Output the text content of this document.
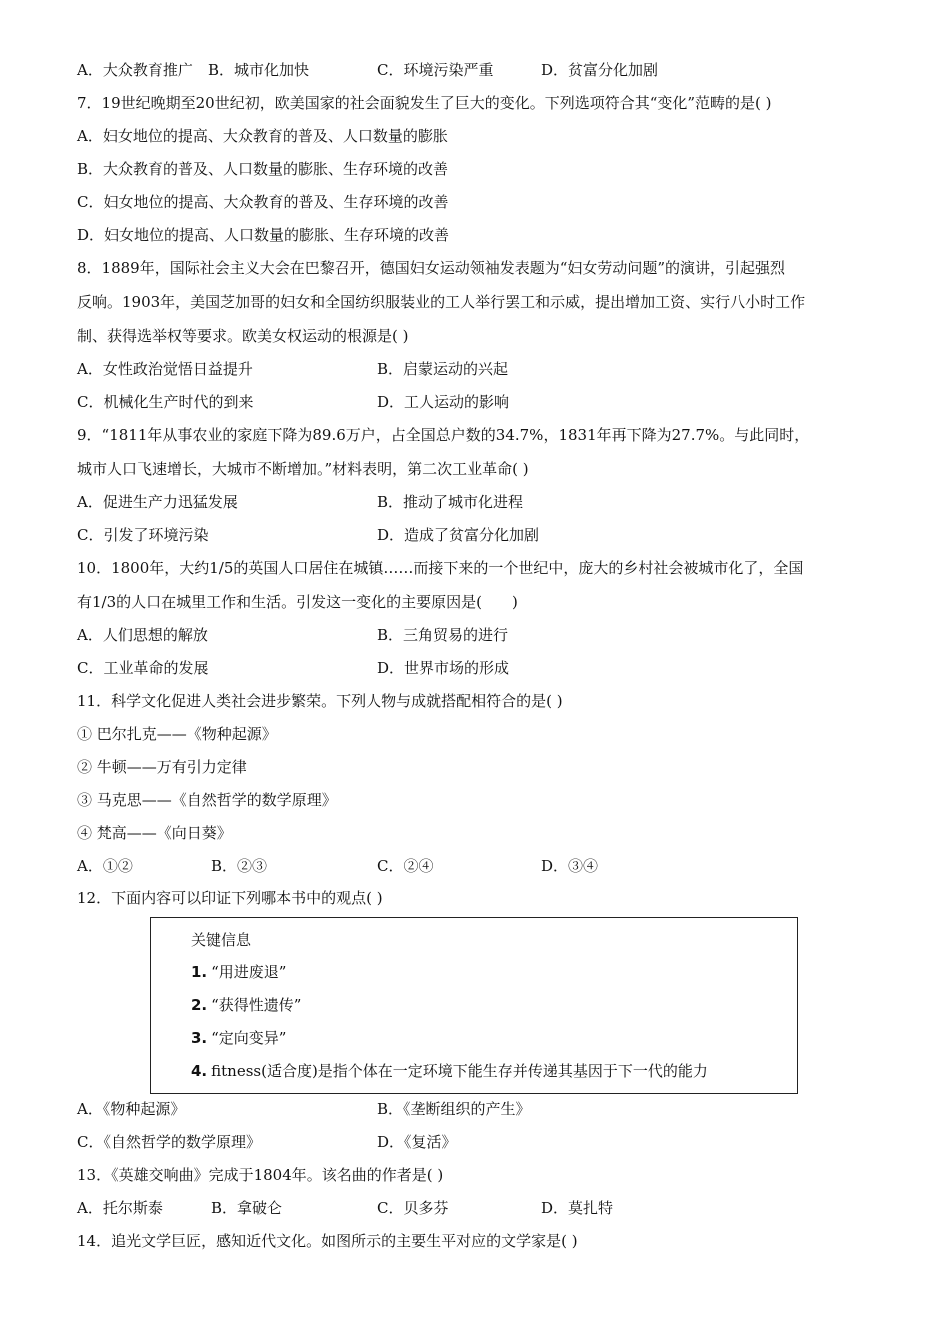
A．大众教育推广 B．城市化加快	C．环境污染严重	D．贫富分化加剧
7．19世纪晚期至20世纪初，欧美国家的社会面貌发生了巨大的变化。下列选项符合其“变化”范畴的是( )
A．妇女地位的提高、大众教育的普及、人口数量的膨胀
B．大众教育的普及、人口数量的膨胀、生存环境的改善
C．妇女地位的提高、大众教育的普及、生存环境的改善
D．妇女地位的提高、人口数量的膨胀、生存环境的改善
8．1889年，国际社会主义大会在巴黎召开，德国妇女运动领袖发表题为“妇女劳动问题”的演讲，引起强烈
反响。1903年，美国芝加哥的妇女和全国纺织服装业的工人举行罢工和示威，提出增加工资、实行八小时工作
制、获得选举权等要求。欧美女权运动的根源是( )
A．女性政治觉悟日益提升	B．启蒙运动的兴起
C．机械化生产时代的到来	D．工人运动的影响
9．“1811年从事农业的家庭下降为89.6万户，占全国总户数的34.7%，1831年再下降为27.7%。与此同时，
城市人口飞速增长，大城市不断增加。”材料表明，第二次工业革命( )
A．促进生产力迅猛发展	B．推动了城市化进程
C．引发了环境污染	D．造成了贫富分化加剧
10．1800年，大约1/5的英国人口居住在城镇……而接下来的一个世纪中，庞大的乡村社会被城市化了，全国
有1/3的人口在城里工作和生活。引发这一变化的主要原因是(　　)
A．人们思想的解放	B．三角贸易的进行
C．工业革命的发展	D．世界市场的形成
11．科学文化促进人类社会进步繁荣。下列人物与成就搭配相符合的是( )
① 巴尔扎克——《物种起源》
② 牛顿——万有引力定律
③ 马克思——《自然哲学的数学原理》
④ 梵高——《向日葵》
A．①②	B．②③	C．②④	D．③④
12．下面内容可以印证下列哪本书中的观点( )
关键信息
1. “用进废退”
2. “获得性遗传”
3. “定向变异”
4. fitness(适合度)是指个体在一定环境下能生存并传递其基因于下一代的能力
A．《物种起源》	B．《垄断组织的产生》
C．《自然哲学的数学原理》	D．《复活》
13．《英雄交响曲》完成于1804年。该名曲的作者是( )
A．托尔斯泰	B．拿破仑	C．贝多芬	D．莫扎特
14．追光文学巨匠，感知近代文化。如图所示的主要生平对应的文学家是( )
